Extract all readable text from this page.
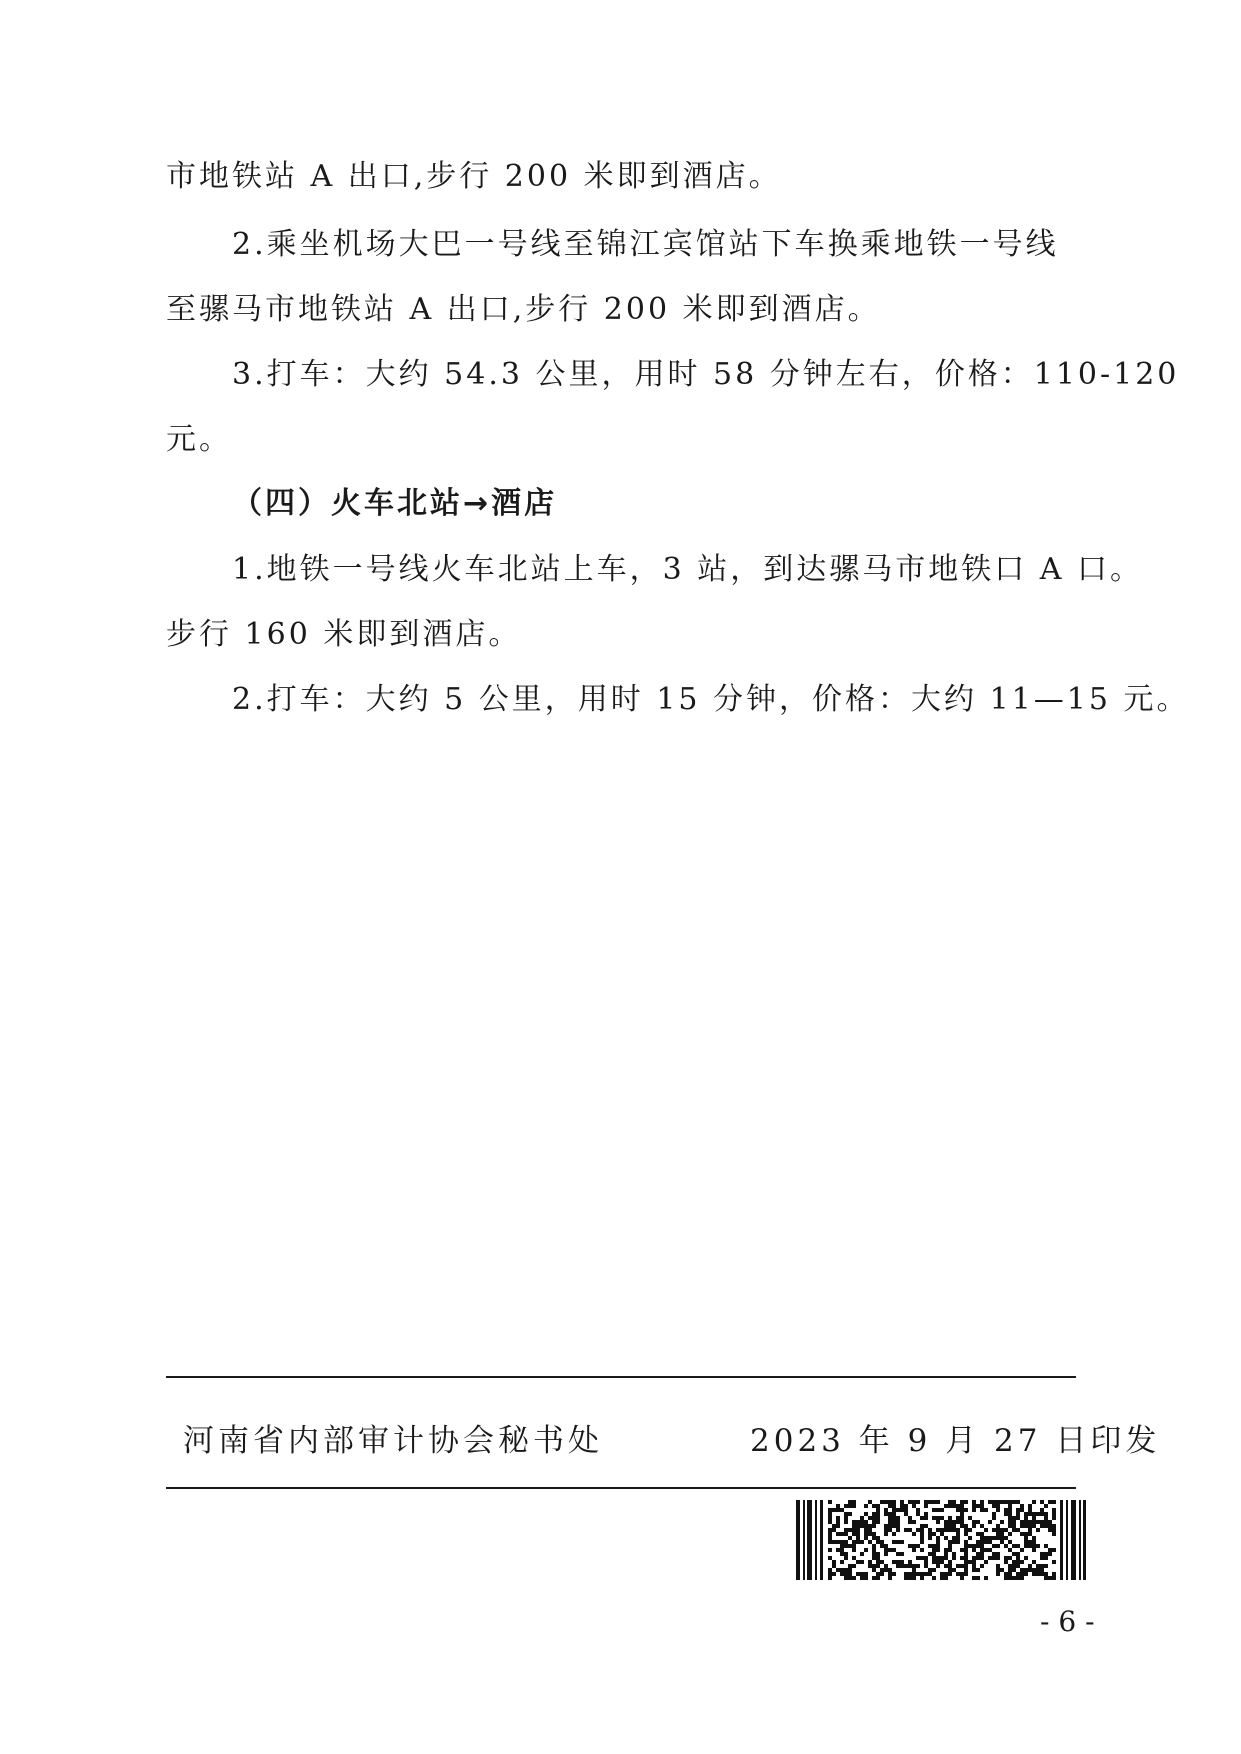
市地铁站 A 出口,步行 200 米即到酒店。
2.乘坐机场大巴一号线至锦江宾馆站下车换乘地铁一号线
至骡马市地铁站 A 出口,步行 200 米即到酒店。
3.打车：大约 54.3 公里，用时 58 分钟左右，价格：110-120
元。
（四）火车北站→酒店
1.地铁一号线火车北站上车，3 站，到达骡马市地铁口 A 口。
步行 160 米即到酒店。
2.打车：大约 5 公里，用时 15 分钟，价格：大约 11—15 元。
河南省内部审计协会秘书处	2023 年 9 月 27 日印发
- 6 -
